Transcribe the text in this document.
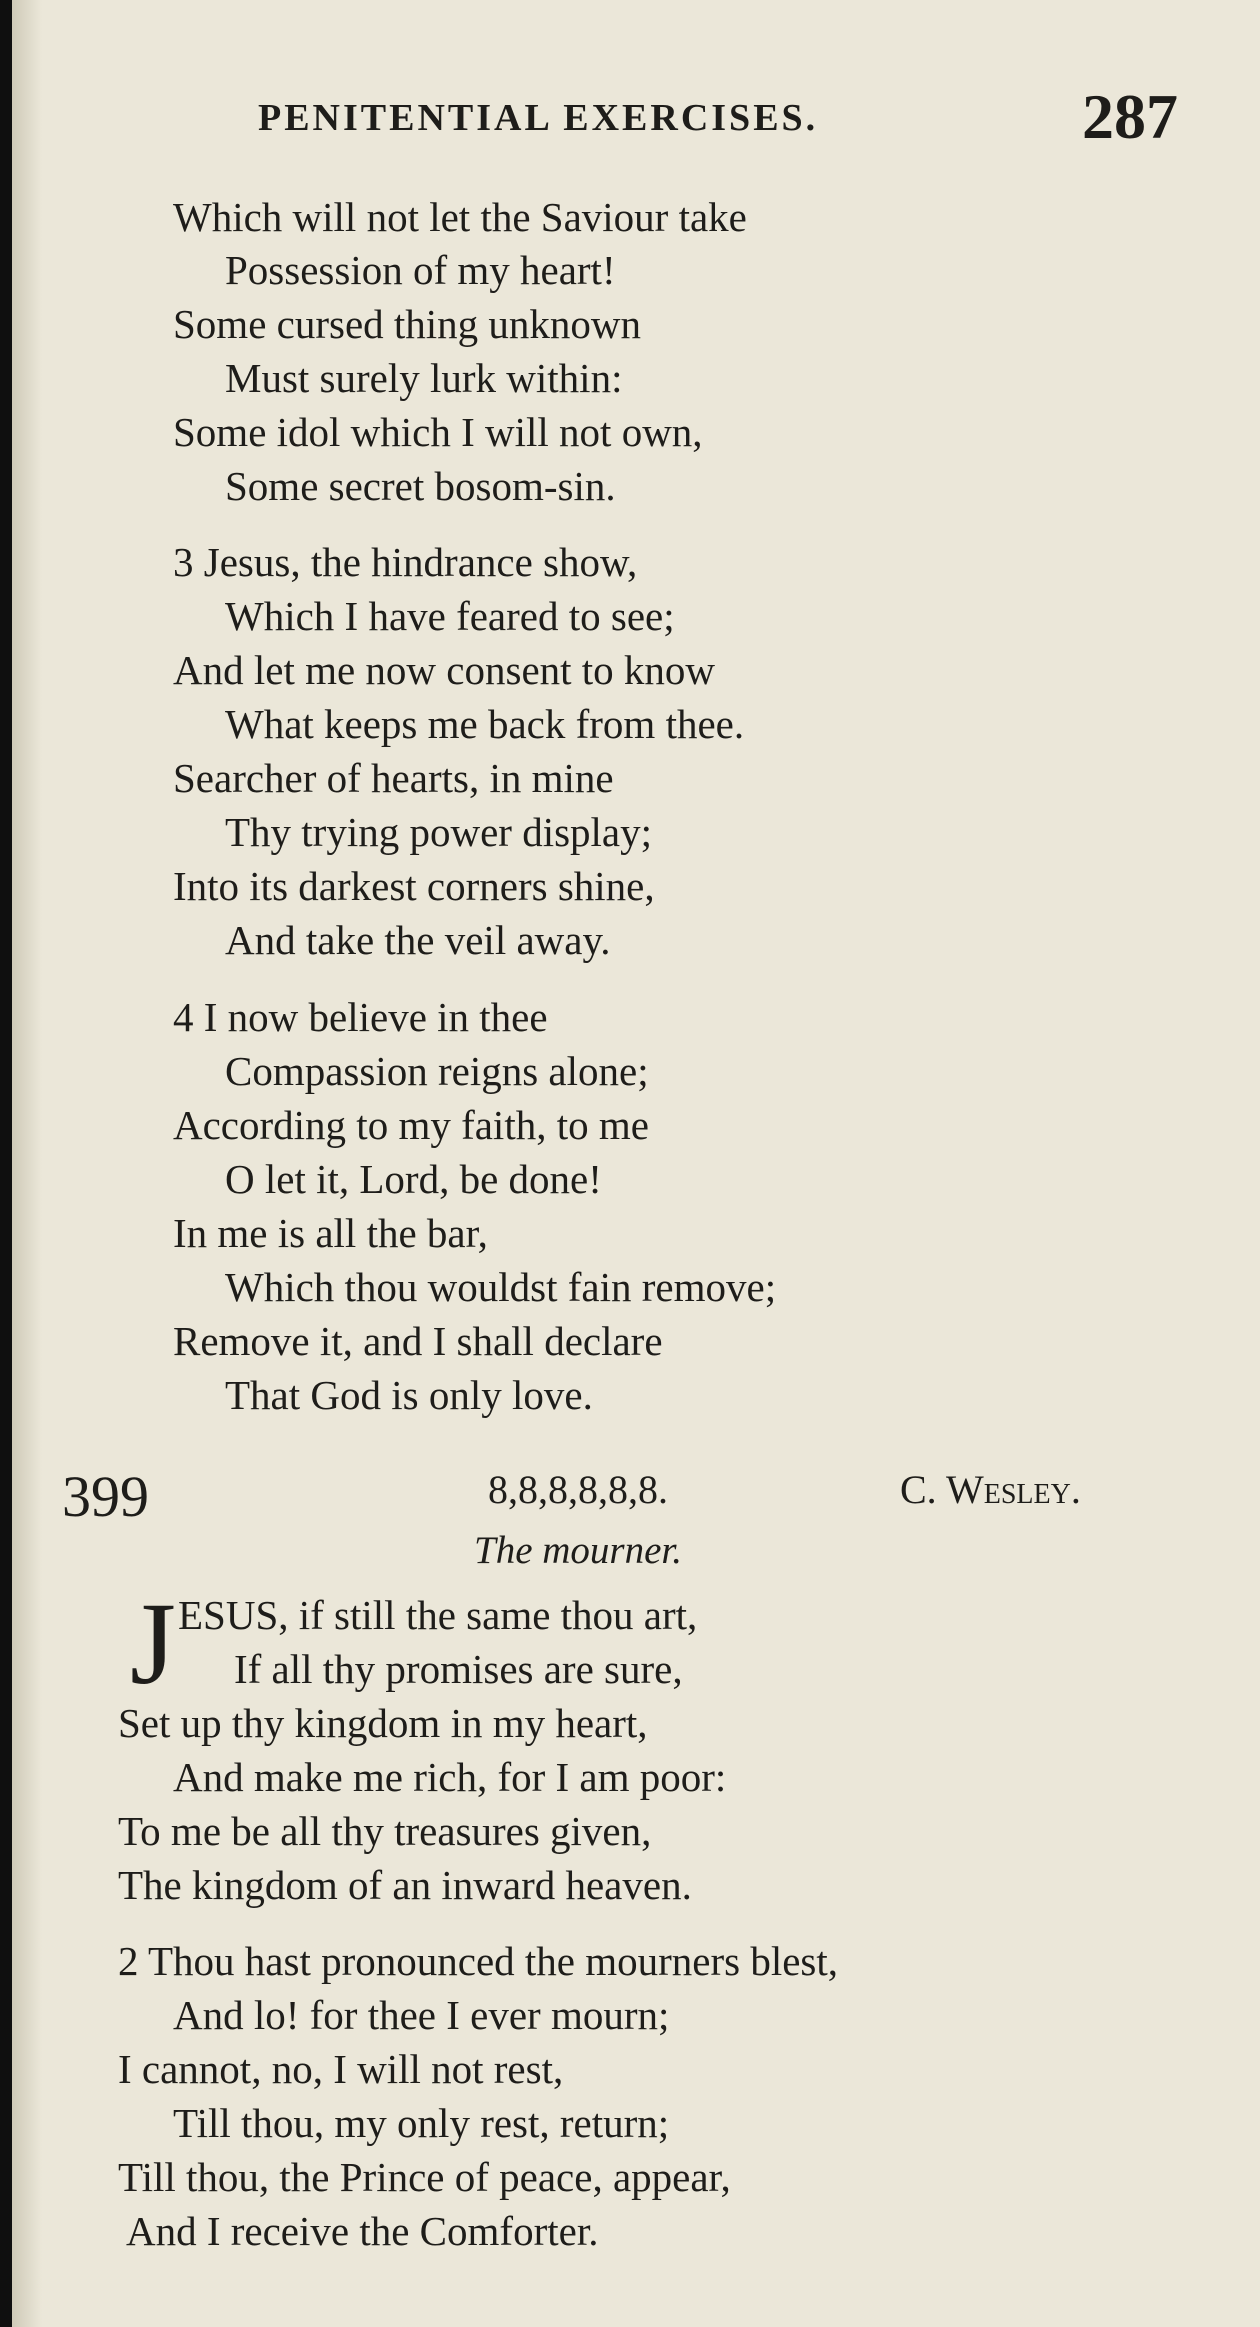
PENITENTIAL EXERCISES.	287
Which will not let the Saviour take
Possession of my heart!
Some cursed thing unknown
Must surely lurk within:
Some idol which I will not own,
Some secret bosom-sin.
3 Jesus, the hindrance show,
Which I have feared to see;
And let me now consent to know
What keeps me back from thee.
Searcher of hearts, in mine
Thy trying power display;
Into its darkest corners shine,
And take the veil away.
4 I now believe in thee
Compassion reigns alone;
According to my faith, to me
O let it, Lord, be done!
In me is all the bar,
Which thou wouldst fain remove;
Remove it, and I shall declare
That God is only love.
399	8,8,8,8,8,8.	C. Wesley.
The mourner.
J ESUS, if still the same thou art,
If all thy promises are sure,
Set up thy kingdom in my heart,
And make me rich, for I am poor:
To me be all thy treasures given,
The kingdom of an inward heaven.
2 Thou hast pronounced the mourners blest,
And lo! for thee I ever mourn;
I cannot, no, I will not rest,
Till thou, my only rest, return;
Till thou, the Prince of peace, appear,
And I receive the Comforter.
